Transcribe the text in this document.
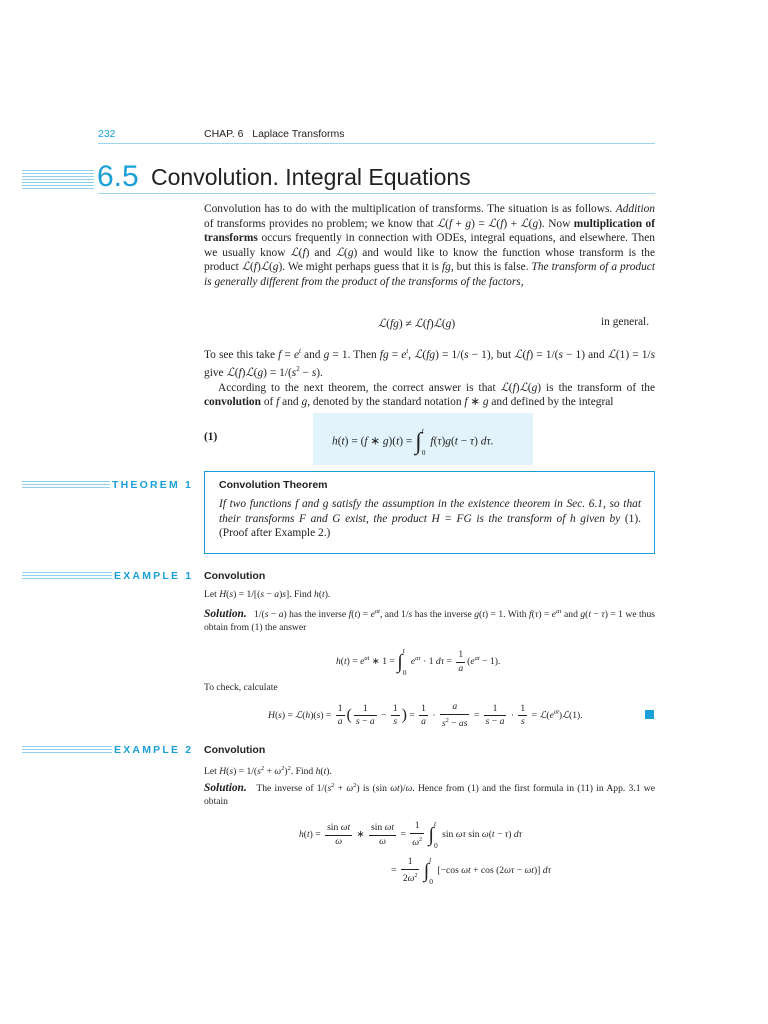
232	CHAP. 6   Laplace Transforms
6.5 Convolution. Integral Equations

Convolution has to do with the multiplication of transforms. The situation is as follows. Addition of transforms provides no problem; we know that ℒ(f + g) = ℒ(f) + ℒ(g). Now multiplication of transforms occurs frequently in connection with ODEs, integral equations, and elsewhere. Then we usually know ℒ(f) and ℒ(g) and would like to know the function whose transform is the product ℒ(f)ℒ(g). We might perhaps guess that it is fg, but this is false. The transform of a product is generally different from the product of the transforms of the factors,

ℒ(fg) ≠ ℒ(f)ℒ(g)	in general.

To see this take $f = e^t$ and g = 1. Then fg = $e^t$, ℒ(fg) = 1/(s − 1), but ℒ(f) = 1/(s − 1) and ℒ(1) = 1/s give ℒ(f)ℒ(g) = $1/(s^2 - s)$.

According to the next theorem, the correct answer is that ℒ(f)ℒ(g) is the transform of the convolution of f and g, denoted by the standard notation f ∗ g and defined by the integral

(1)	h(t) = (f ∗ g)(t) = ∫ t
0
f(τ)g(t − τ) dτ.
THEOREM 1 Convolution Theorem

If two functions f and g satisfy the assumption in the existence theorem in Sec. 6.1, so that their transforms F and G exist, the product H = FG is the transform of h given by (1). (Proof after Example 2.)

EXAMPLE 1 Convolution
Let H(s) = 1/[(s − a)s]. Find h(t).
Solution.   1/(s − a) has the inverse $f(t) = e^{at}$, and 1/s has the inverse g(t) = 1. With $f(\tau) = e^{a\tau}$ and g(t − τ) = 1 we thus obtain from (1) the answer
$h(t) = e^{at}$ ∗ 1 = ∫
t
0
$e^{a\tau} \cdot 1$ $d\tau = \frac{1}{a} (e^{at} - 1)$.
To check, calculate
H(s) = ℒ(h)(s) = $\frac{1}{a}$ ( $\frac{1}{s - a} - \frac{1}{s}$ ) = $\frac{1}{a} \cdot \frac{a}{s^2 - as} = \frac{1}{s - a} \cdot \frac{1}{s}$ = $ℒ(e^{at})ℒ(1)$.
EXAMPLE 2 Convolution
Let $H(s) = 1/(s^2 + \omega^2)^2$. Find h(t).
Solution.   The inverse of $1/(s^2 + \omega^2)$ is (sin ωt)/ω. Hence from (1) and the first formula in (11) in App. 3.1 we obtain
$h(t) = \frac{\text{sin ωt}}{\omega}$ ∗ $\frac{\text{sin ωt}}{\omega} = \frac{1}{\omega^2}$ ∫
t
0
sin ωτ sin ω(t − τ) dτ
= $\frac{1}{2\omega^2}$ ∫
t
0
[−cos ωt + cos (2ωτ − ωt)] dτ
